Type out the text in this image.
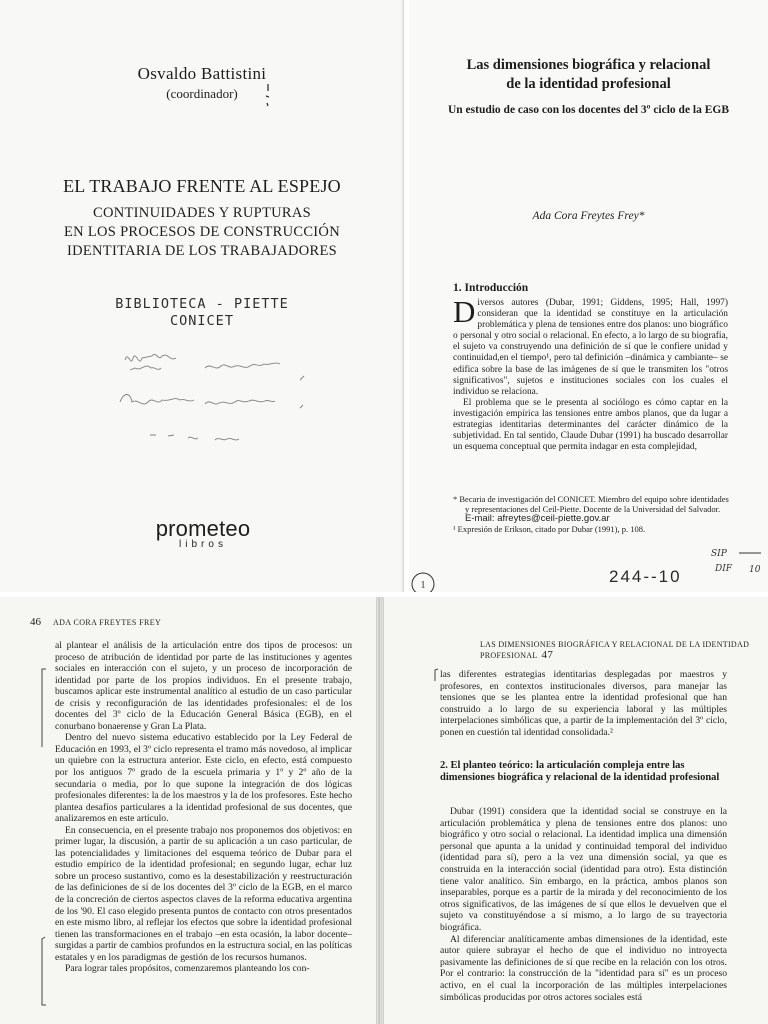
Osvaldo Battistini
(coordinador)
EL TRABAJO FRENTE AL ESPEJO
CONTINUIDADES Y RUPTURAS
EN LOS PROCESOS DE CONSTRUCCIÓN
IDENTITARIA DE LOS TRABAJADORES
BIBLIOTECA - PIETTE
CONICET
prometeo
libros
Las dimensiones biográfica y relacional
de la identidad profesional
Un estudio de caso con los docentes del 3º ciclo de la EGB
Ada Cora Freytes Frey*
1. Introducción

Diversos autores (Dubar, 1991; Giddens, 1995; Hall, 1997) consideran que la identidad se constituye en la articulación problemática y plena de tensiones entre dos planos: uno biográfico o personal y otro social o relacional. En efecto, a lo largo de su biografía, el sujeto va construyendo una definición de sí que le confiere unidad y continuidad,en el tiempo¹, pero tal definición –dinámica y cambiante– se edifica sobre la base de las imágenes de sí que le transmiten los "otros significativos", sujetos e instituciones sociales con los cuales el individuo se relaciona.

El problema que se le presenta al sociólogo es cómo captar en la investigación empírica las tensiones entre ambos planos, que da lugar a estrategias identitarias determinantes del carácter dinámico de la subjetividad. En tal sentido, Claude Dubar (1991) ha buscado desarrollar un esquema conceptual que permita indagar en esta complejidad,

* Becaria de investigación del CONICET. Miembro del equipo sobre identidades y representaciones del Ceil-Piette. Docente de la Universidad del Salvador.
E-mail: afreytes@ceil-piette.gov.ar
¹ Expresión de Erikson, citado por Dubar (1991), p. 108.
SIP
DIF 10
244--10
1
46 ADA CORA FREYTES FREY

al plantear el análisis de la articulación entre dos tipos de procesos: un proceso de atribución de identidad por parte de las instituciones y agentes sociales en interacción con el sujeto, y un proceso de incorporación de identidad por parte de los propios individuos. En el presente trabajo, buscamos aplicar este instrumental analítico al estudio de un caso particular de crisis y reconfiguración de las identidades profesionales: el de los docentes del 3º ciclo de la Educación General Básica (EGB), en el conurbano bonaerense y Gran La Plata.

Dentro del nuevo sistema educativo establecido por la Ley Federal de Educación en 1993, el 3º ciclo representa el tramo más novedoso, al implicar un quiebre con la estructura anterior. Este ciclo, en efecto, está compuesto por los antiguos 7º grado de la escuela primaria y 1º y 2º año de la secundaria o media, por lo que supone la integración de dos lógicas profesionales diferentes: la de los maestros y la de los profesores. Este hecho plantea desafíos particulares a la identidad profesional de sus docentes, que analizaremos en este artículo.

En consecuencia, en el presente trabajo nos proponemos dos objetivos: en primer lugar, la discusión, a partir de su aplicación a un caso particular, de las potencialidades y limitaciones del esquema teórico de Dubar para el estudio empírico de la identidad profesional; en segundo lugar, echar luz sobre un proceso sustantivo, como es la desestabilización y reestructuración de las definiciones de sí de los docentes del 3º ciclo de la EGB, en el marco de la concreción de ciertos aspectos claves de la reforma educativa argentina de los '90. El caso elegido presenta puntos de contacto con otros presentados en este mismo libro, al reflejar los efectos que sobre la identidad profesional tienen las transformaciones en el trabajo –en esta ocasión, la labor docente– surgidas a partir de cambios profundos en la estructura social, en las políticas estatales y en los paradigmas de gestión de los recursos humanos.

Para lograr tales propósitos, comenzaremos planteando los con-

LAS DIMENSIONES BIOGRÁFICA Y RELACIONAL DE LA IDENTIDAD PROFESIONAL 47

las diferentes estrategias identitarias desplegadas por maestros y profesores, en contextos institucionales diversos, para manejar las tensiones que se les plantea entre la identidad profesional que han construido a lo largo de su experiencia laboral y las múltiples interpelaciones simbólicas que, a partir de la implementación del 3º ciclo, ponen en cuestión tal identidad consolidada.²

2. El planteo teórico: la articulación compleja entre las dimensiones biográfica y relacional de la identidad profesional

Dubar (1991) considera que la identidad social se construye en la articulación problemática y plena de tensiones entre dos planos: uno biográfico y otro social o relacional. La identidad implica una dimensión personal que apunta a la unidad y continuidad temporal del individuo (identidad para sí), pero a la vez una dimensión social, ya que es construida en la interacción social (identidad para otro). Esta distinción tiene valor analítico. Sin embargo, en la práctica, ambos planos son inseparables, porque es a partir de la mirada y del reconocimiento de los otros significativos, de las imágenes de sí que ellos le devuelven que el sujeto va constituyéndose a sí mismo, a lo largo de su trayectoria biográfica.

Al diferenciar analíticamente ambas dimensiones de la identidad, este autor quiere subrayar el hecho de que el individuo no introyecta pasivamente las definiciones de sí que recibe en la relación con los otros. Por el contrario: la construcción de la "identidad para sí" es un proceso activo, en el cual la incorporación de las múltiples interpelaciones simbólicas producidas por otros actores sociales está
